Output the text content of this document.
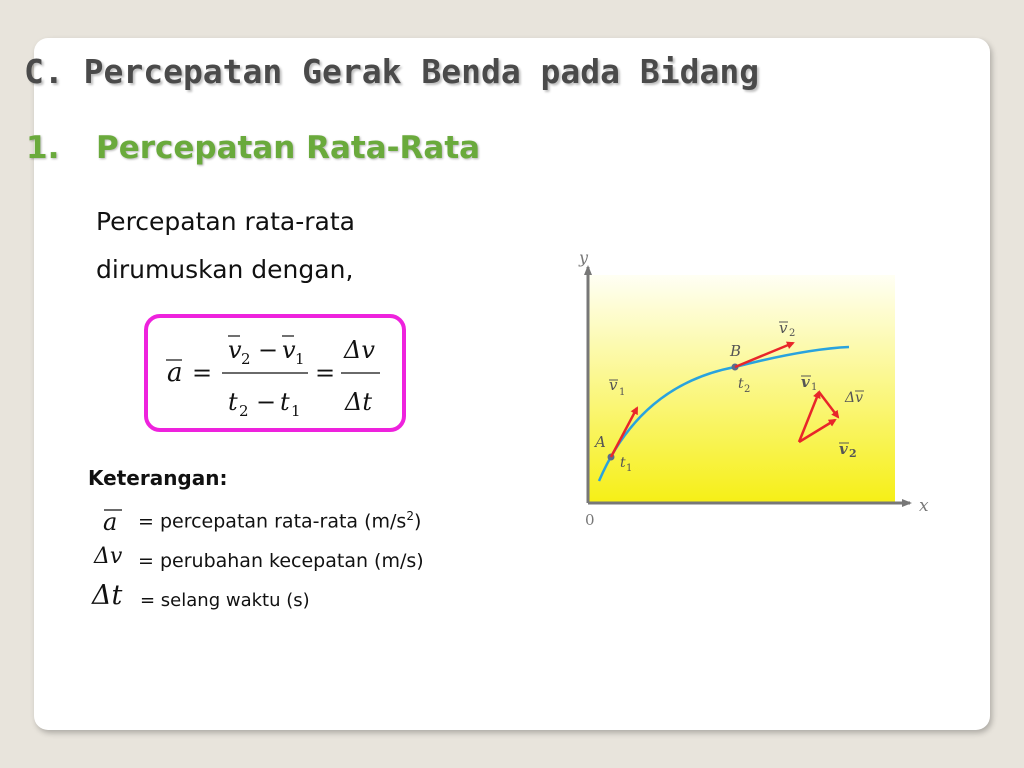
C. Percepatan Gerak Benda pada Bidang
1. Percepatan Rata-Rata
Percepatan rata-rata
dirumuskan dengan,
a =
v 2 − v 1
t 2 − t 1
=
Δv
Δt
Keterangan:
a = percepatan rata-rata $(m/s^2)$
Δv = perubahan kecepatan (m/s)
Δt = selang waktu (s)
y
x
0
A
t 1
v 1
B
t 2
v 2
v 1
Δv
v 2
